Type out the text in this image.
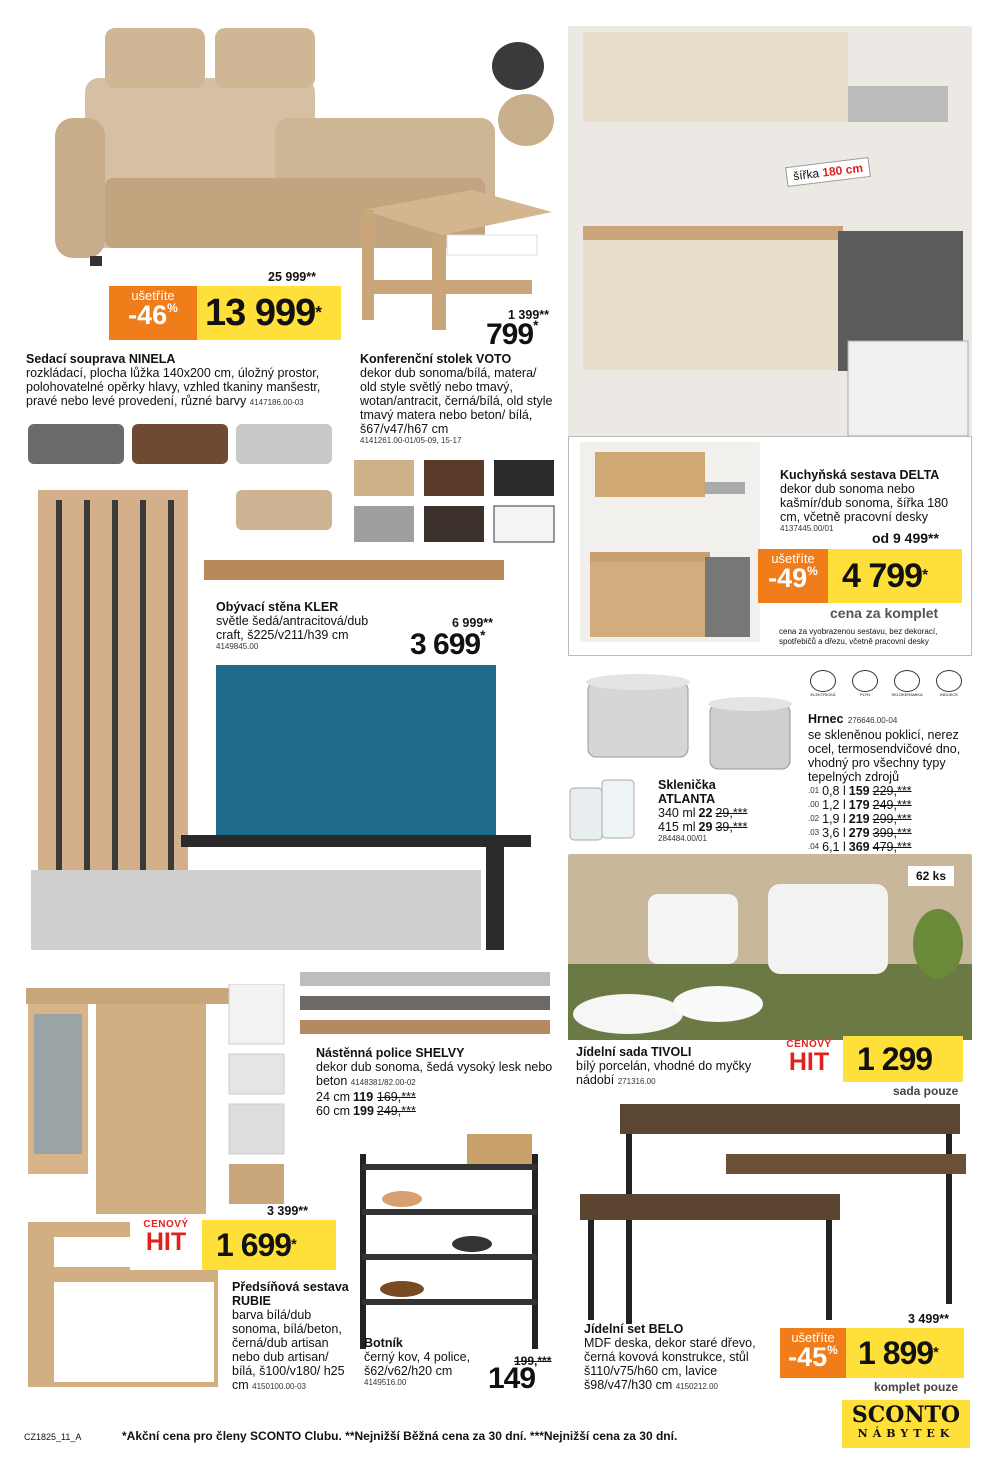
25 999**
ušetříte
-46% 13 999*
Sedací souprava NINELA
rozkládací, plocha lůžka 140x200 cm, úložný prostor, polohovatelné opěrky hlavy, vzhled tkaniny manšestr, pravé nebo levé provedení, různé barvy 4147186.00-03
1 399**
799*
Konferenční stolek VOTO
dekor dub sonoma/bílá, matera/ old style světlý nebo tmavý, wotan/antracit, černá/bílá, old style tmavý matera nebo beton/ bílá, š67/v47/h67 cm
4141261.00-01/05-09, 15-17
šířka 180 cm
Kuchyňská sestava DELTA
dekor dub sonoma nebo kašmír/dub sonoma, šířka 180 cm, včetně pracovní desky
4137445.00/01
od 9 499**
ušetříte
-49% 4 799*
cena za komplet
cena za vyobrazenou sestavu, bez dekorací, spotřebičů a dřezu, včetně pracovní desky
Obývací stěna KLER
světle šedá/antracitová/dub craft, š225/v211/h39 cm
4149845.00
6 999**
3 699*
ELEKTRICKÁ	PLYN	SKLOKERAMIKA	INDUKCE
Hrnec 276646.00-04
se skleněnou poklicí, nerez ocel, termosendvičové dno, vhodný pro všechny typy tepelných zdrojů
.01	0,8 l	159	229,***
.00	1,2 l	179	249,***
.02	1,9 l	219	299,***
.03	3,6 l	279	399,***
.04	6,1 l	369	479,***
Sklenička ATLANTA
340 ml	22	29,***
415 ml	29	39,***
284484.00/01
62 ks
Jídelní sada TIVOLI
bílý porcelán, vhodné do myčky nádobí 271316.00
CENOVÝ
HIT 1 299
sada pouze
Nástěnná police SHELVY
dekor dub sonoma, šedá vysoký lesk nebo beton 4148381/82.00-02
24 cm	119	169,***
60 cm	199	249,***
3 399**
CENOVÝ
HIT 1 699*
Předsíňová sestava RUBIE
barva bílá/dub sonoma, bílá/beton, černá/dub artisan nebo dub artisan/ bílá, š100/v180/ h25 cm 4150100.00-03
Botník
černý kov, 4 police, š62/v62/h20 cm
4149516.00
199,***
149
Jídelní set BELO
MDF deska, dekor staré dřevo, černá kovová konstrukce, stůl š110/v75/h60 cm, lavice š98/v47/h30 cm 4150212.00
3 499**
ušetříte
-45% 1 899*
komplet pouze
CZ1825_11_A	*Akční cena pro členy SCONTO Clubu. **Nejnižší Běžná cena za 30 dní. ***Nejnižší cena za 30 dní.
SCONTO
NÁBYTEK
